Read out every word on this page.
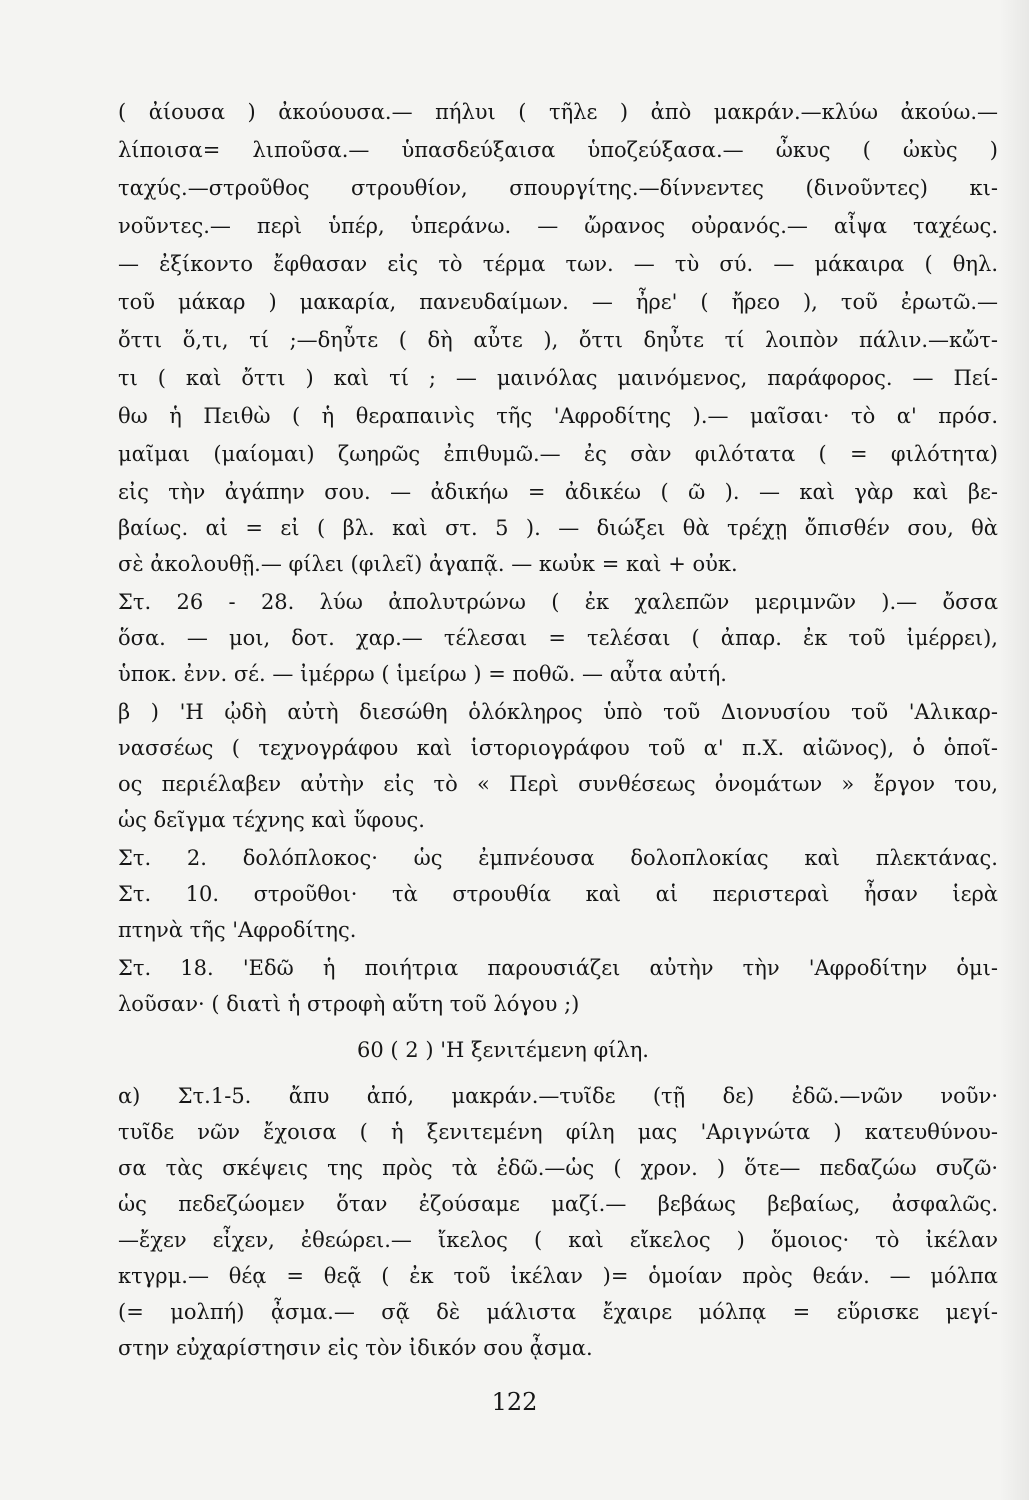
( ἀίουσα ) ἀκούουσα.— πήλυι ( τῆλε ) ἀπὸ μακράν.—κλύω ἀκούω.—
λίποισα= λιποῦσα.— ὑπασδεύξαισα ὑποζεύξασα.— ὦκυς ( ὠκὺς )
ταχύς.—στροῦθος στρουθίον, σπουργίτης.—δίννεντες (δινοῦντες) κι-
νοῦντες.— περὶ ὑπέρ, ὑπεράνω. — ὤρανος οὐρανός.— αἶψα ταχέως.
— ἐξίκοντο ἔφθασαν εἰς τὸ τέρμα των. — τὺ σύ. — μάκαιρα ( θηλ.
τοῦ μάκαρ ) μακαρία, πανευδαίμων. — ἦρε' ( ἤρεο ), τοῦ ἐρωτῶ.—
ὄττι ὅ,τι, τί ;—δηὖτε ( δὴ αὖτε ), ὄττι δηὖτε τί λοιπὸν πάλιν.—κὤτ-
τι ( καὶ ὄττι ) καὶ τί ; — μαινόλας μαινόμενος, παράφορος. — Πεί-
θω ἡ Πειθὼ ( ἡ θεραπαινὶς τῆς 'Αφροδίτης ).— μαῖσαι· τὸ α' πρόσ.
μαῖμαι (μαίομαι) ζωηρῶς ἐπιθυμῶ.— ἐς σὰν φιλότατα ( = φιλότητα)
εἰς τὴν ἀγάπην σου. — ἀδικήω = ἀδικέω ( ῶ ). — καὶ γὰρ καὶ βε-
βαίως. αἰ = εἰ ( βλ. καὶ στ. 5 ). — διώξει θὰ τρέχῃ ὄπισθέν σου, θὰ
σὲ ἀκολουθῇ.— φίλει (φιλεῖ) ἀγαπᾷ. — κωὐκ = καὶ + οὐκ.
Στ. 26 - 28. λύω ἀπολυτρώνω ( ἐκ χαλεπῶν μεριμνῶν ).— ὄσσα
ὅσα. — μοι, δοτ. χαρ.— τέλεσαι = τελέσαι ( ἀπαρ. ἐκ τοῦ ἰμέρρει),
ὑποκ. ἐνν. σέ. — ἰμέρρω ( ἱμείρω ) = ποθῶ. — αὖτα αὐτή.
β ) 'Η ᾠδὴ αὐτὴ διεσώθη ὁλόκληρος ὑπὸ τοῦ Διονυσίου τοῦ 'Αλικαρ-
νασσέως ( τεχνογράφου καὶ ἱστοριογράφου τοῦ α' π.Χ. αἰῶνος), ὁ ὁποῖ-
ος περιέλαβεν αὐτὴν εἰς τὸ « Περὶ συνθέσεως ὀνομάτων » ἔργον του,
ὡς δεῖγμα τέχνης καὶ ὕφους.
Στ. 2. δολόπλοκος· ὡς ἐμπνέουσα δολοπλοκίας καὶ πλεκτάνας.
Στ. 10. στροῦθοι· τὰ στρουθία καὶ αἱ περιστεραὶ ἦσαν ἱερὰ
πτηνὰ τῆς 'Αφροδίτης.
Στ. 18. 'Εδῶ ἡ ποιήτρια παρουσιάζει αὐτὴν τὴν 'Αφροδίτην ὁμι-
λοῦσαν· ( διατὶ ἡ στροφὴ αὕτη τοῦ λόγου ;)
60 ( 2 ) 'Η ξενιτέμενη φίλη.
α) Στ.1-5. ἄπυ ἀπό, μακράν.—τυῖδε (τῇ δε) ἐδῶ.—νῶν νοῦν·
τυῖδε νῶν ἔχοισα ( ἡ ξενιτεμένη φίλη μας 'Αριγνώτα ) κατευθύνου-
σα τὰς σκέψεις της πρὸς τὰ ἐδῶ.—ὡς ( χρον. ) ὅτε— πεδαζώω συζῶ·
ὡς πεδεζώομεν ὅταν ἐζούσαμε μαζί.— βεβάως βεβαίως, ἀσφαλῶς.
—ἔχεν εἶχεν, ἐθεώρει.— ἴκελος ( καὶ εἴκελος ) ὅμοιος· τὸ ἰκέλαν
κτγρμ.— θέᾳ = θεᾷ ( ἐκ τοῦ ἰκέλαν )= ὁμοίαν πρὸς θεάν. — μόλπα
(= μολπή) ᾆσμα.— σᾷ δὲ μάλιστα ἔχαιρε μόλπᾳ = εὕρισκε μεγί-
στην εὐχαρίστησιν εἰς τὸν ἰδικόν σου ᾆσμα.
122
